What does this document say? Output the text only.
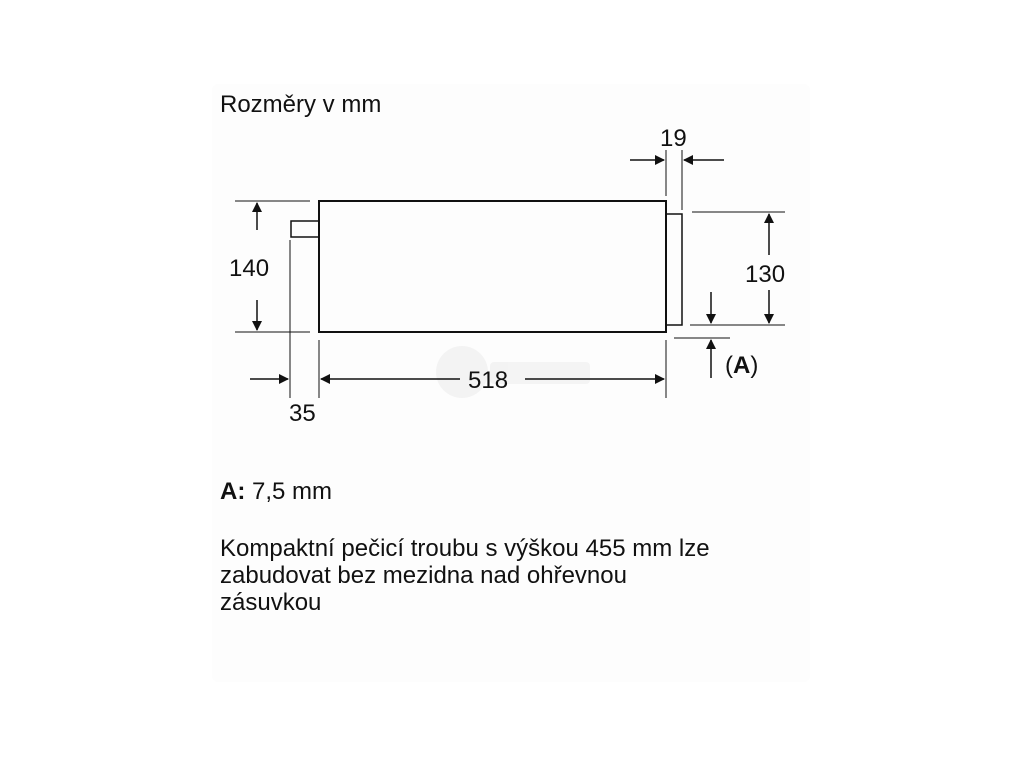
Rozměry v mm
140
35
518
19
130
(A)
A: 7,5 mm
Kompaktní pečicí troubu s výškou 455 mm lze
zabudovat bez mezidna nad ohřevnou
zásuvkou
